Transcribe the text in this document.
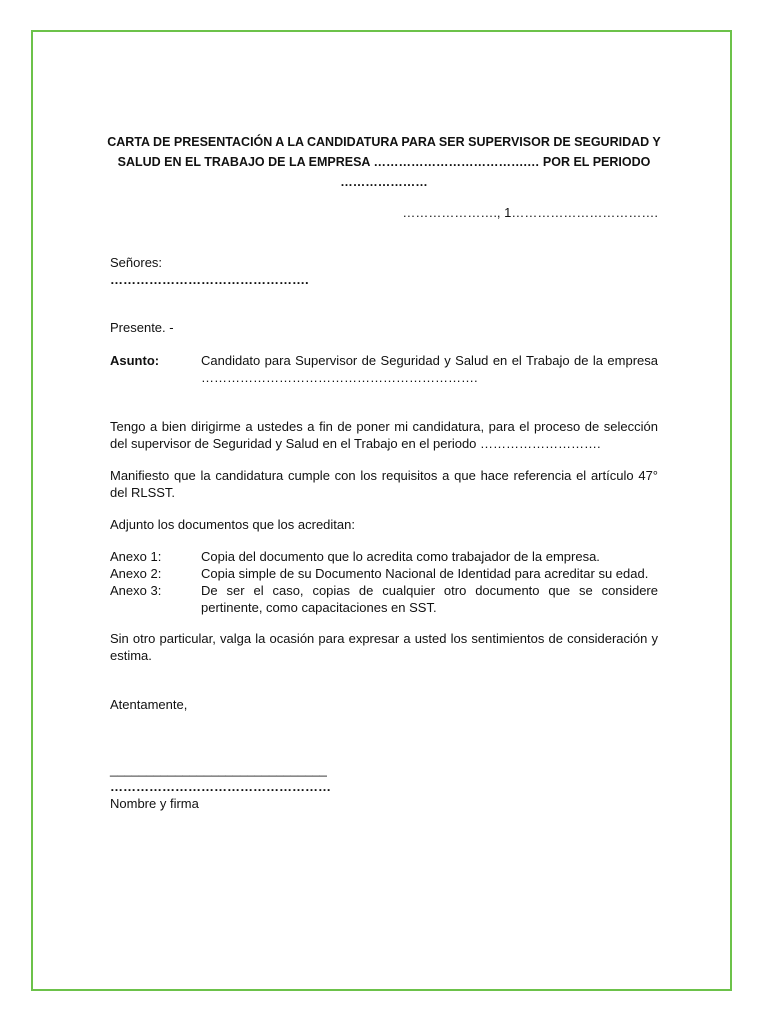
CARTA DE PRESENTACIÓN A LA CANDIDATURA PARA SER SUPERVISOR DE SEGURIDAD Y
SALUD EN EL TRABAJO DE LA EMPRESA ……………………………….… POR EL PERIODO …………………
…………………., 1…………………………….
Señores:
……………………………………….
Presente. -
Asunto:	Candidato para Supervisor de Seguridad y Salud en el Trabajo de la empresa ……………………………………………………….
Tengo a bien dirigirme a ustedes a fin de poner mi candidatura, para el proceso de selección del supervisor de Seguridad y Salud en el Trabajo en el periodo ……………………….
Manifiesto que la candidatura cumple con los requisitos a que hace referencia el artículo 47° del RLSST.
Adjunto los documentos que los acreditan:
Anexo 1:	Copia del documento que lo acredita como trabajador de la empresa.
Anexo 2:	Copia simple de su Documento Nacional de Identidad para acreditar su edad.
Anexo 3:	De ser el caso, copias de cualquier otro documento que se considere pertinente, como capacitaciones en SST.
Sin otro particular, valga la ocasión para expresar a usted los sentimientos de consideración y estima.
Atentamente,
______________________________
……………………………………………
Nombre y firma
